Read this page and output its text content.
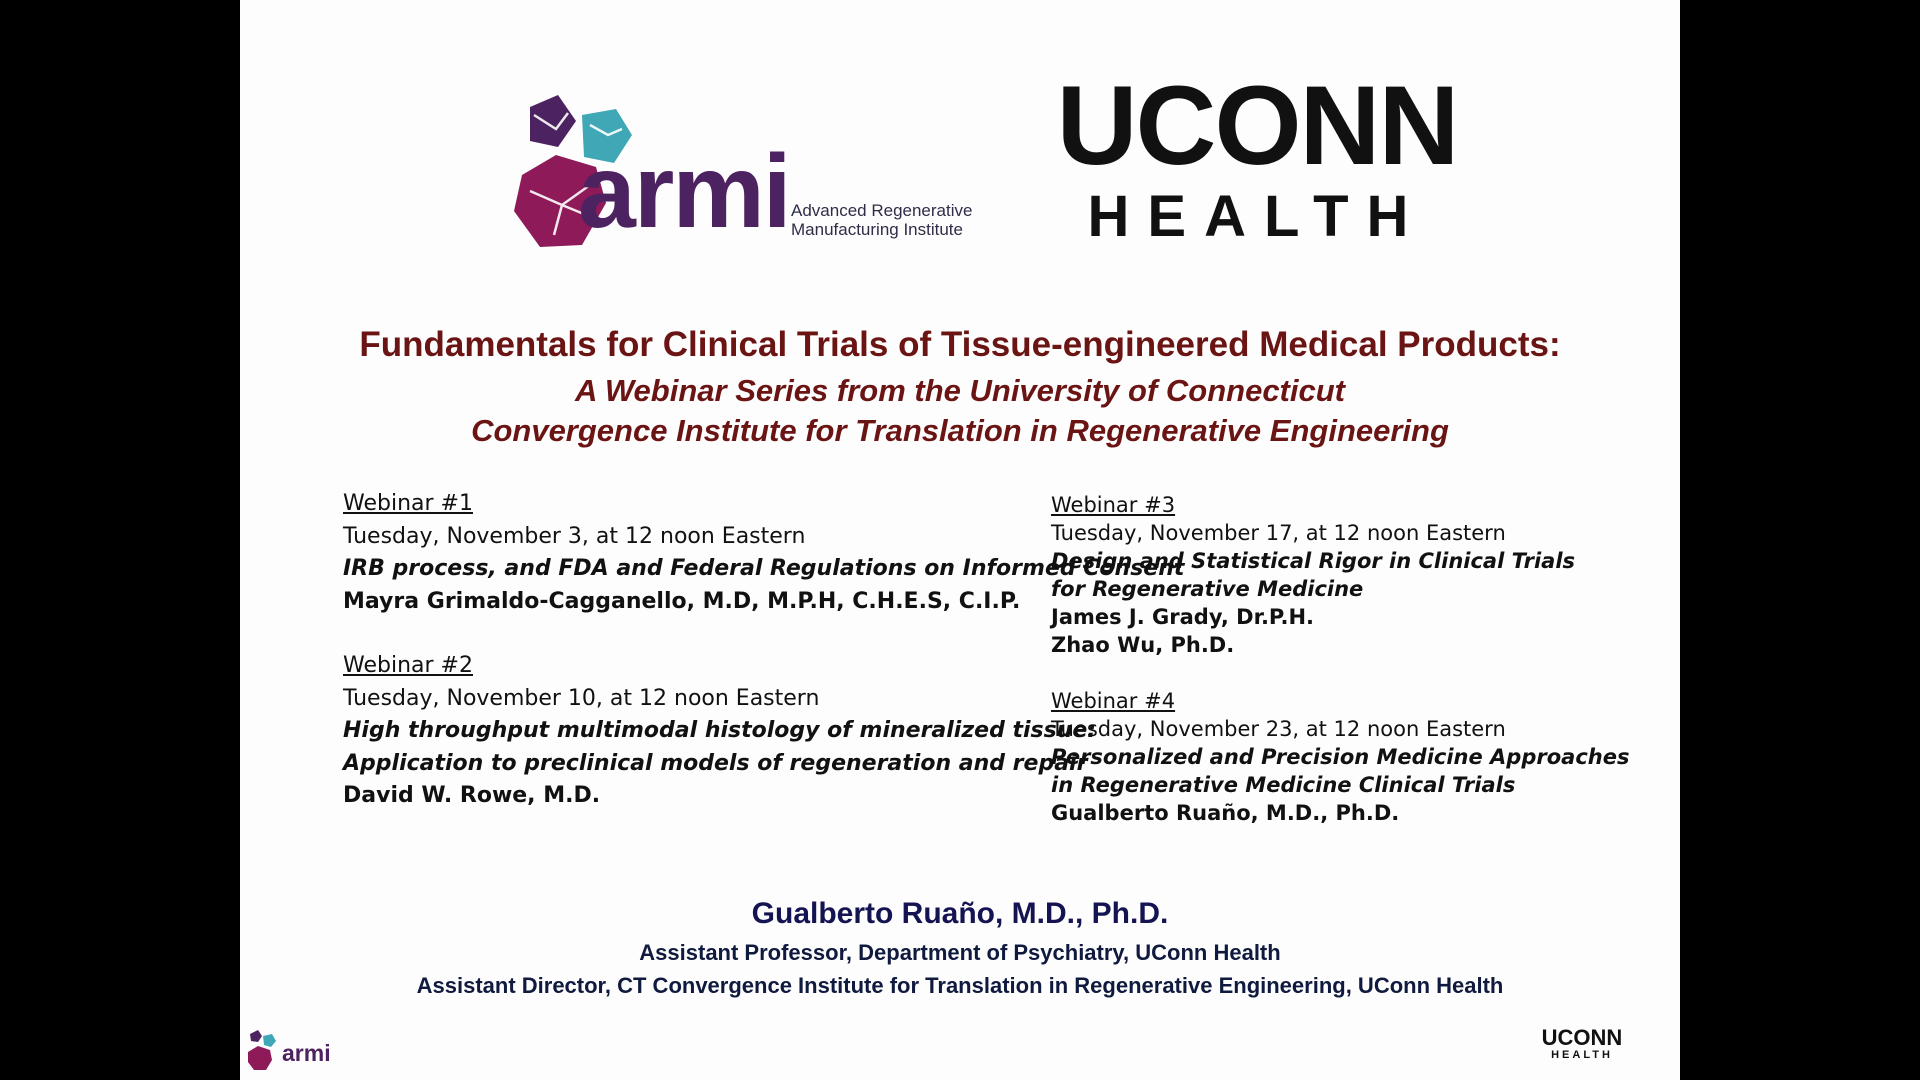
armi Advanced Regenerative
Manufacturing Institute
UCONN
HEALTH
Fundamentals for Clinical Trials of Tissue-engineered Medical Products:
A Webinar Series from the University of Connecticut
Convergence Institute for Translation in Regenerative Engineering
Webinar #1
Tuesday, November 3, at 12 noon Eastern
IRB process, and FDA and Federal Regulations on Informed Consent
Mayra Grimaldo-Cagganello, M.D, M.P.H, C.H.E.S, C.I.P.
Webinar #2
Tuesday, November 10, at 12 noon Eastern
High throughput multimodal histology of mineralized tissue:
Application to preclinical models of regeneration and repair
David W. Rowe, M.D.
Webinar #3
Tuesday, November 17, at 12 noon Eastern
Design and Statistical Rigor in Clinical Trials
for Regenerative Medicine
James J. Grady, Dr.P.H.
Zhao Wu, Ph.D.
Webinar #4
Tuesday, November 23, at 12 noon Eastern
Personalized and Precision Medicine Approaches
in Regenerative Medicine Clinical Trials
Gualberto Ruaño, M.D., Ph.D.
Gualberto Ruaño, M.D., Ph.D.
Assistant Professor, Department of Psychiatry, UConn Health
Assistant Director, CT Convergence Institute for Translation in Regenerative Engineering, UConn Health
armi
UCONN
HEALTH
